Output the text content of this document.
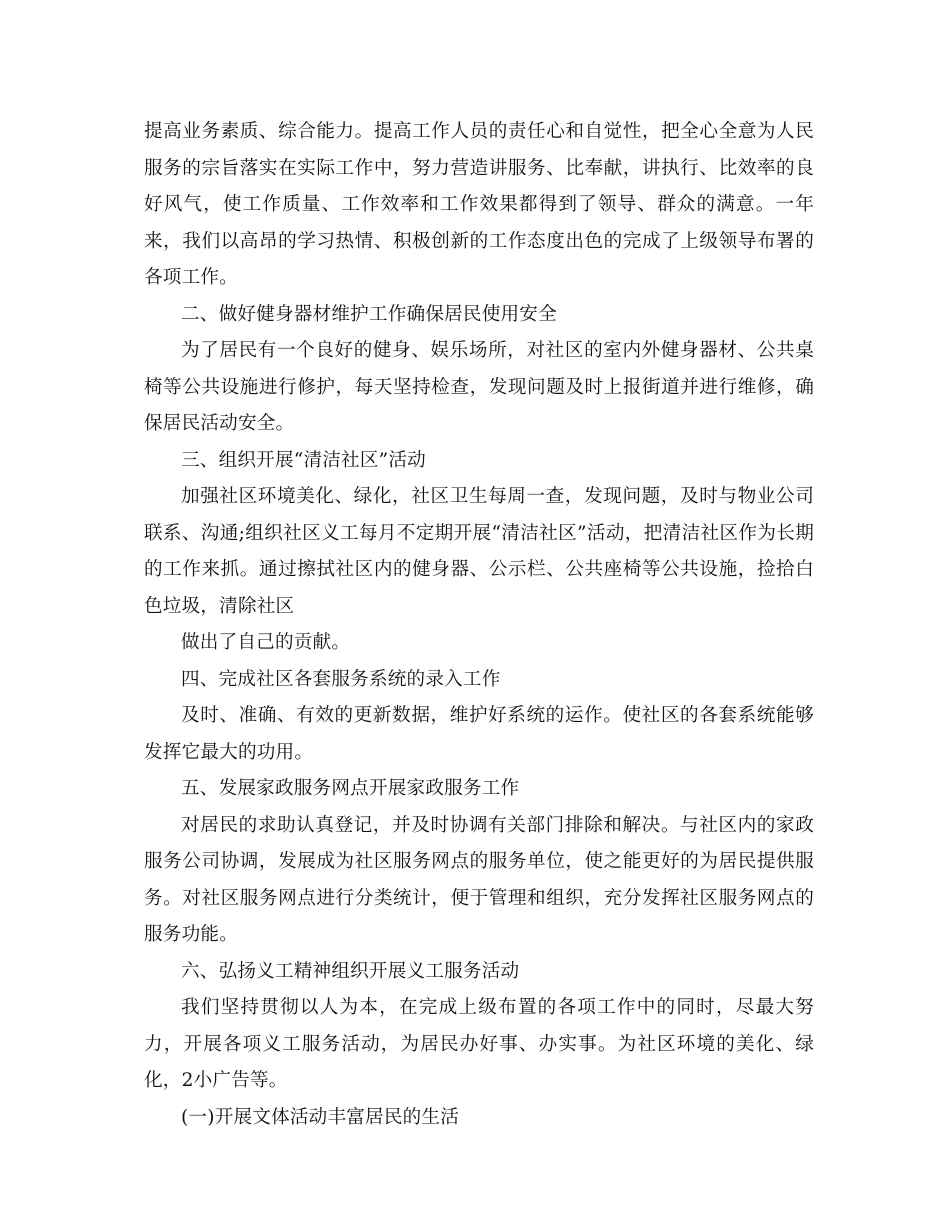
提高业务素质、综合能力。提高工作人员的责任心和自觉性，把全心全意为人民服务的宗旨落实在实际工作中，努力营造讲服务、比奉献，讲执行、比效率的良好风气，使工作质量、工作效率和工作效果都得到了领导、群众的满意。一年来，我们以高昂的学习热情、积极创新的工作态度出色的完成了上级领导布署的各项工作。

二、做好健身器材维护工作确保居民使用安全

为了居民有一个良好的健身、娱乐场所，对社区的室内外健身器材、公共桌椅等公共设施进行修护，每天坚持检查，发现问题及时上报街道并进行维修，确保居民活动安全。

三、组织开展“清洁社区”活动

加强社区环境美化、绿化，社区卫生每周一查，发现问题，及时与物业公司联系、沟通;组织社区义工每月不定期开展“清洁社区”活动，把清洁社区作为长期的工作来抓。通过擦拭社区内的健身器、公示栏、公共座椅等公共设施，捡拾白色垃圾，清除社区

做出了自己的贡献。

四、完成社区各套服务系统的录入工作

及时、准确、有效的更新数据，维护好系统的运作。使社区的各套系统能够发挥它最大的功用。

五、发展家政服务网点开展家政服务工作

对居民的求助认真登记，并及时协调有关部门排除和解决。与社区内的家政服务公司协调，发展成为社区服务网点的服务单位，使之能更好的为居民提供服务。对社区服务网点进行分类统计，便于管理和组织，充分发挥社区服务网点的服务功能。

六、弘扬义工精神组织开展义工服务活动

我们坚持贯彻以人为本，在完成上级布置的各项工作中的同时，尽最大努力，开展各项义工服务活动，为居民办好事、办实事。为社区环境的美化、绿化，2小广告等。

(一)开展文体活动丰富居民的生活
